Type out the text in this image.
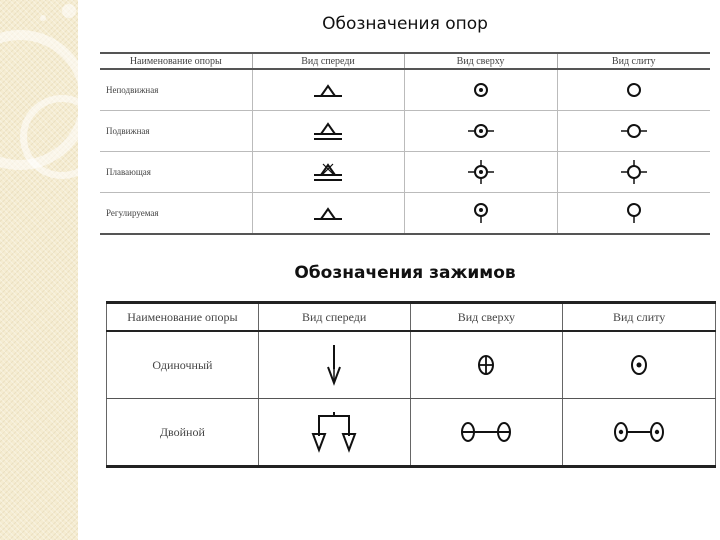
Обозначения опор
Наименование опоры	Вид спереди	Вид сверху	Вид слиту
Неподвижная			
Подвижная			
Плавающая			
Регулируемая			
Обозначения зажимов
Наименование опоры	Вид спереди	Вид сверху	Вид слиту
Одиночный			
Двойной			
